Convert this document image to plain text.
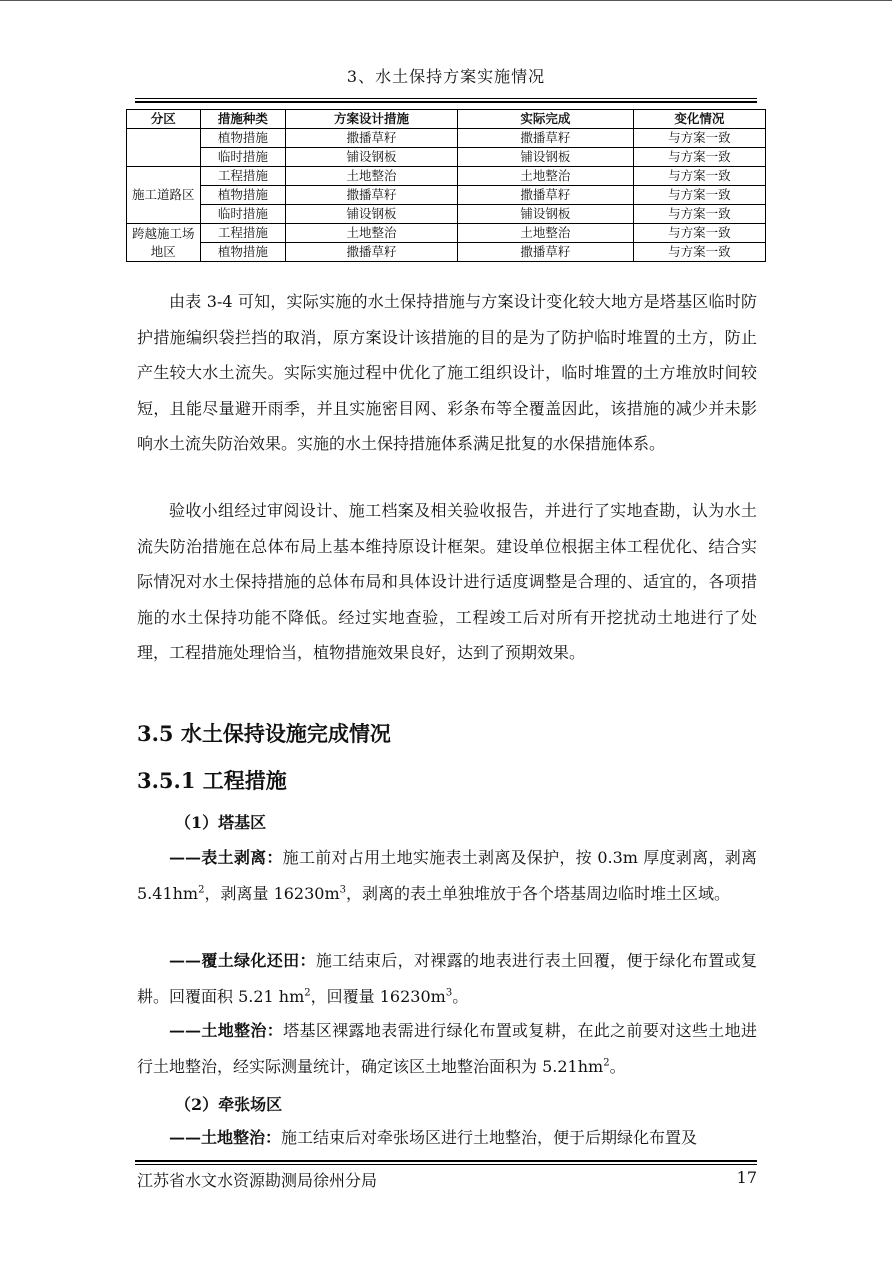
3、水土保持方案实施情况
分区	措施种类	方案设计措施	实际完成	变化情况
	植物措施	撒播草籽	撒播草籽	与方案一致
	临时措施	铺设钢板	铺设钢板	与方案一致
施工道路区	工程措施	土地整治	土地整治	与方案一致
	植物措施	撒播草籽	撒播草籽	与方案一致
	临时措施	铺设钢板	铺设钢板	与方案一致
跨越施工场地区	工程措施	土地整治	土地整治	与方案一致
	植物措施	撒播草籽	撒播草籽	与方案一致

由表 3-4 可知，实际实施的水土保持措施与方案设计变化较大地方是塔基区临时防护措施编织袋拦挡的取消，原方案设计该措施的目的是为了防护临时堆置的土方，防止产生较大水土流失。实际实施过程中优化了施工组织设计，临时堆置的土方堆放时间较短，且能尽量避开雨季，并且实施密目网、彩条布等全覆盖因此，该措施的减少并未影响水土流失防治效果。实施的水土保持措施体系满足批复的水保措施体系。

验收小组经过审阅设计、施工档案及相关验收报告，并进行了实地查勘，认为水土流失防治措施在总体布局上基本维持原设计框架。建设单位根据主体工程优化、结合实际情况对水土保持措施的总体布局和具体设计进行适度调整是合理的、适宜的，各项措施的水土保持功能不降低。经过实地查验，工程竣工后对所有开挖扰动土地进行了处理，工程措施处理恰当，植物措施效果良好，达到了预期效果。

3.5 水土保持设施完成情况
3.5.1 工程措施
（1）塔基区

——表土剥离：施工前对占用土地实施表土剥离及保护，按 0.3m 厚度剥离，剥离 $5.41hm^2$，剥离量 $16230m^3$，剥离的表土单独堆放于各个塔基周边临时堆土区域。

——覆土绿化还田：施工结束后，对裸露的地表进行表土回覆，便于绿化布置或复耕。回覆面积 5.21 $hm^2$，回覆量 $16230m^3$。

——土地整治：塔基区裸露地表需进行绿化布置或复耕，在此之前要对这些土地进行土地整治，经实际测量统计，确定该区土地整治面积为 $5.21hm^2$。

（2）牵张场区

——土地整治：施工结束后对牵张场区进行土地整治，便于后期绿化布置及

江苏省水文水资源勘测局徐州分局	17
